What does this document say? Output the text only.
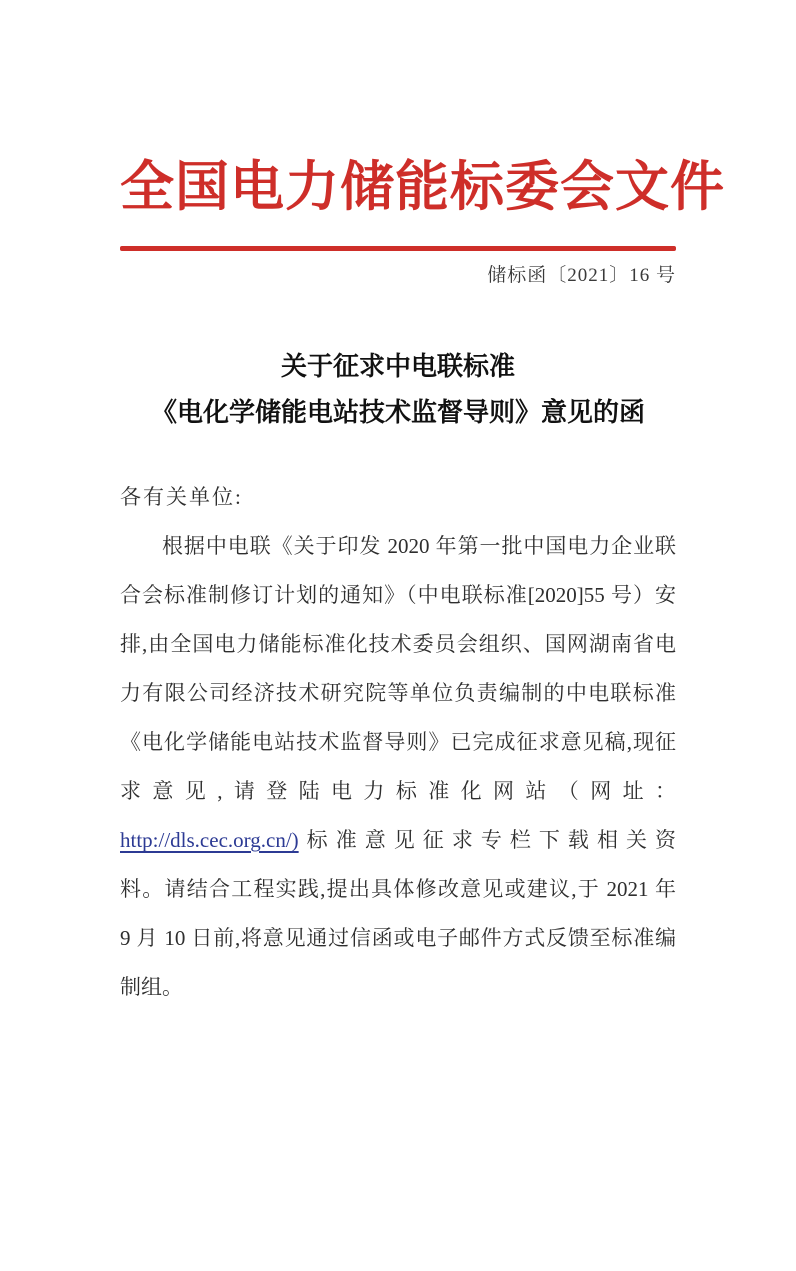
全国电力储能标委会文件
储标函〔2021〕16 号
关于征求中电联标准
《电化学储能电站技术监督导则》意见的函
各有关单位:
根据中电联《关于印发 2020 年第一批中国电力企业联
合会标准制修订计划的通知》（中电联标准[2020]55 号）安
排,由全国电力储能标准化技术委员会组织、国网湖南省电
力有限公司经济技术研究院等单位负责编制的中电联标准
《电化学储能电站技术监督导则》已完成征求意见稿,现征
求意见,请登陆电力标准化网站（网址：
http://dls.cec.org.cn/)标准意见征求专栏下载相关资
料。请结合工程实践,提出具体修改意见或建议,于 2021 年
9 月 10 日前,将意见通过信函或电子邮件方式反馈至标准编
制组。
